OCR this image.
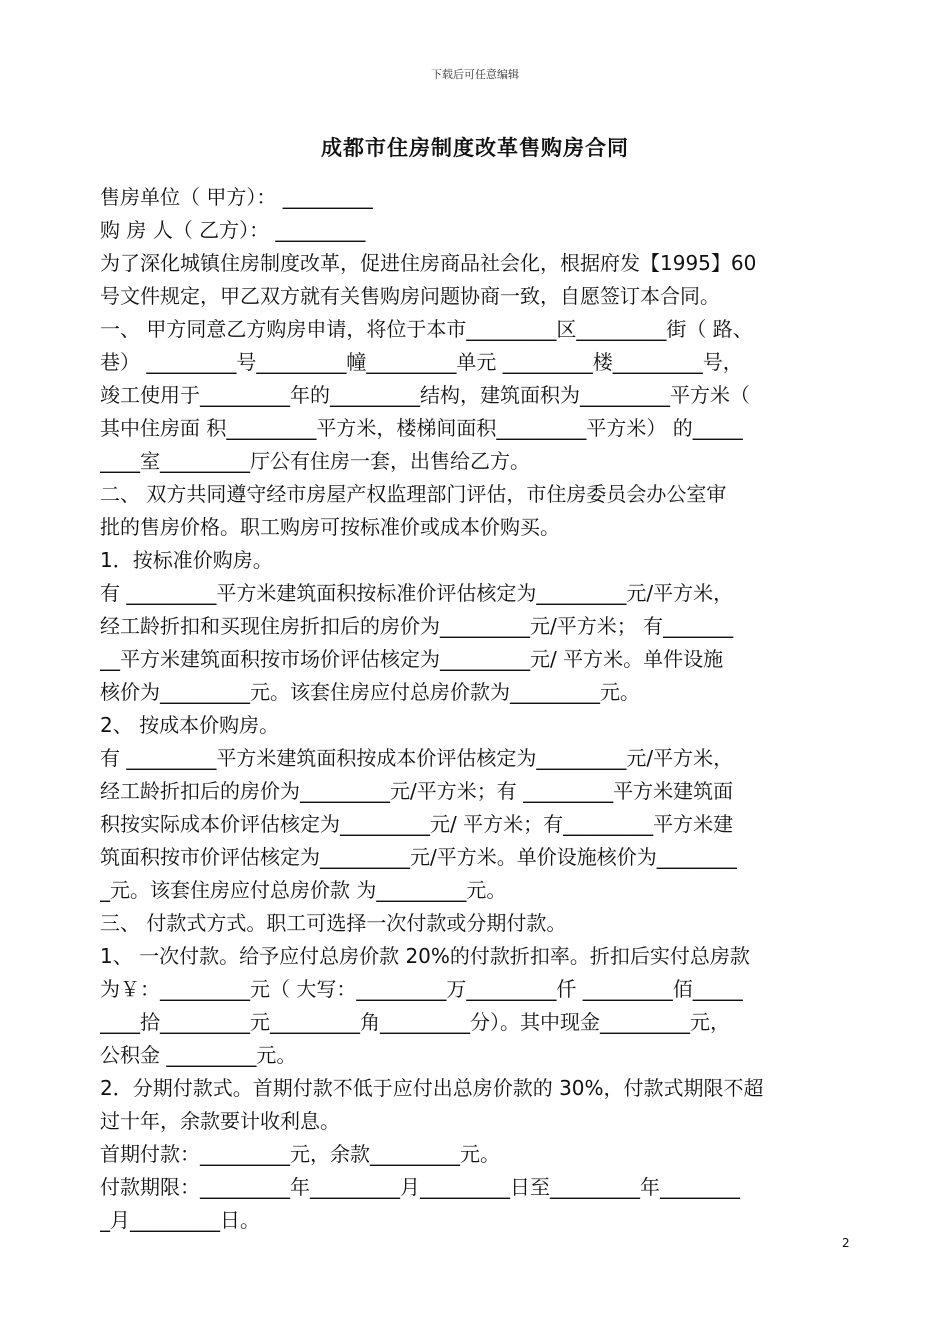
下载后可任意编辑
成都市住房制度改革售购房合同
售房单位（ 甲方）： _________
购 房 人（ 乙方）： _________
为了深化城镇住房制度改革，促进住房商品社会化，根据府发【1995】60
号文件规定，甲乙双方就有关售购房问题协商一致，自愿签订本合同。
一、 甲方同意乙方购房申请，将位于本市_________区_________街（ 路、
巷） _________号_________幢_________单元 _________楼_________号，
竣工使用于_________年的_________结构，建筑面积为_________平方米（
其中住房面 积_________平方米，楼梯间面积_________平方米） 的_____
____室_________厅公有住房一套，出售给乙方。
二、 双方共同遵守经市房屋产权监理部门评估，市住房委员会办公室审
批的售房价格。职工购房可按标准价或成本价购买。
1．按标准价购房。
有 _________平方米建筑面积按标准价评估核定为_________元/平方米，
经工龄折扣和买现住房折扣后的房价为_________元/平方米； 有_______
__平方米建筑面积按市场价评估核定为_________元/ 平方米。单件设施
核价为_________元。该套住房应付总房价款为_________元。
2、 按成本价购房。
有 _________平方米建筑面积按成本价评估核定为_________元/平方米，
经工龄折扣后的房价为_________元/平方米；有 _________平方米建筑面
积按实际成本价评估核定为_________元/ 平方米；有_________平方米建
筑面积按市价评估核定为_________元/平方米。单价设施核价为________
_元。该套住房应付总房价款 为_________元。
三、 付款式方式。职工可选择一次付款或分期付款。
1、 一次付款。给予应付总房价款 20%的付款折扣率。折扣后实付总房款
为￥：_________元（ 大写：_________万_________仟 _________佰_____
____拾_________元_________角_________分）。其中现金_________元，
公积金 _________元。
2．分期付款式。首期付款不低于应付出总房价款的 30%，付款式期限不超
过十年，余款要计收利息。
首期付款：_________元，余款_________元。
付款期限：_________年_________月_________日至_________年________
_月_________日。
2
